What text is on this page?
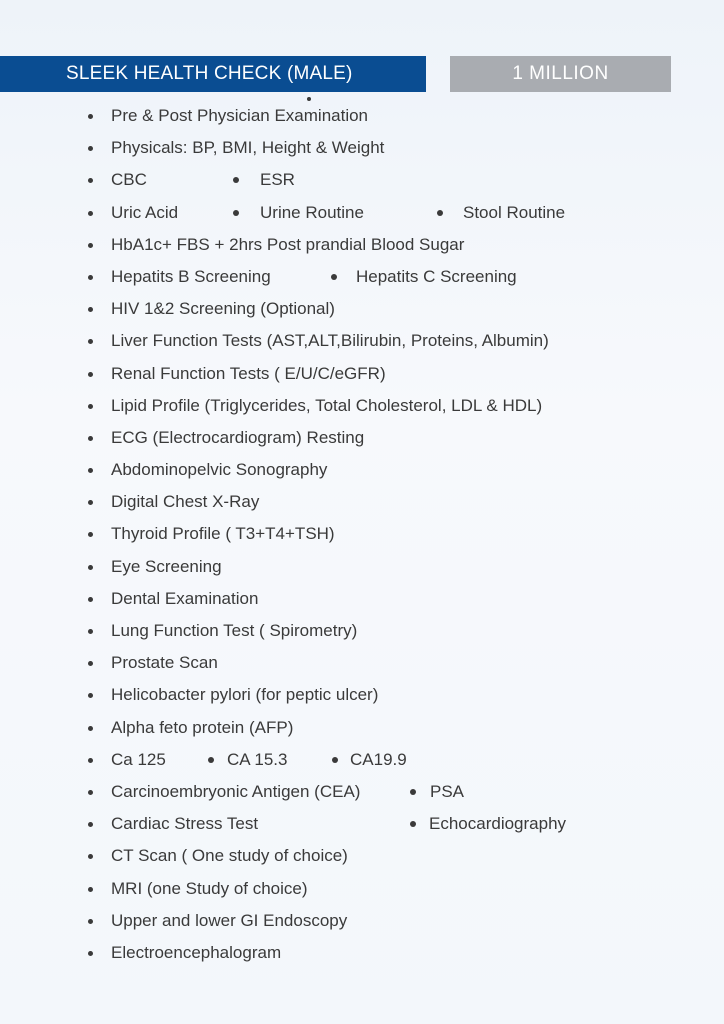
SLEEK HEALTH CHECK (MALE)	1 MILLION
Pre & Post Physician Examination
Physicals: BP, BMI, Height & Weight
CBC	ESR
Uric Acid	Urine Routine	Stool Routine
HbA1c+ FBS + 2hrs Post prandial Blood Sugar
Hepatits B Screening	Hepatits C Screening
HIV 1&2 Screening (Optional)
Liver Function Tests (AST,ALT,Bilirubin, Proteins, Albumin)
Renal Function Tests ( E/U/C/eGFR)
Lipid Profile (Triglycerides, Total Cholesterol, LDL & HDL)
ECG (Electrocardiogram) Resting
Abdominopelvic Sonography
Digital Chest X-Ray
Thyroid Profile ( T3+T4+TSH)
Eye Screening
Dental Examination
Lung Function Test ( Spirometry)
Prostate Scan
Helicobacter pylori (for peptic ulcer)
Alpha feto protein (AFP)
Ca 125	CA 15.3	CA19.9
Carcinoembryonic Antigen (CEA)	PSA
Cardiac Stress Test	Echocardiography
CT Scan ( One study of choice)
MRI (one Study of choice)
Upper and lower GI Endoscopy
Electroencephalogram
